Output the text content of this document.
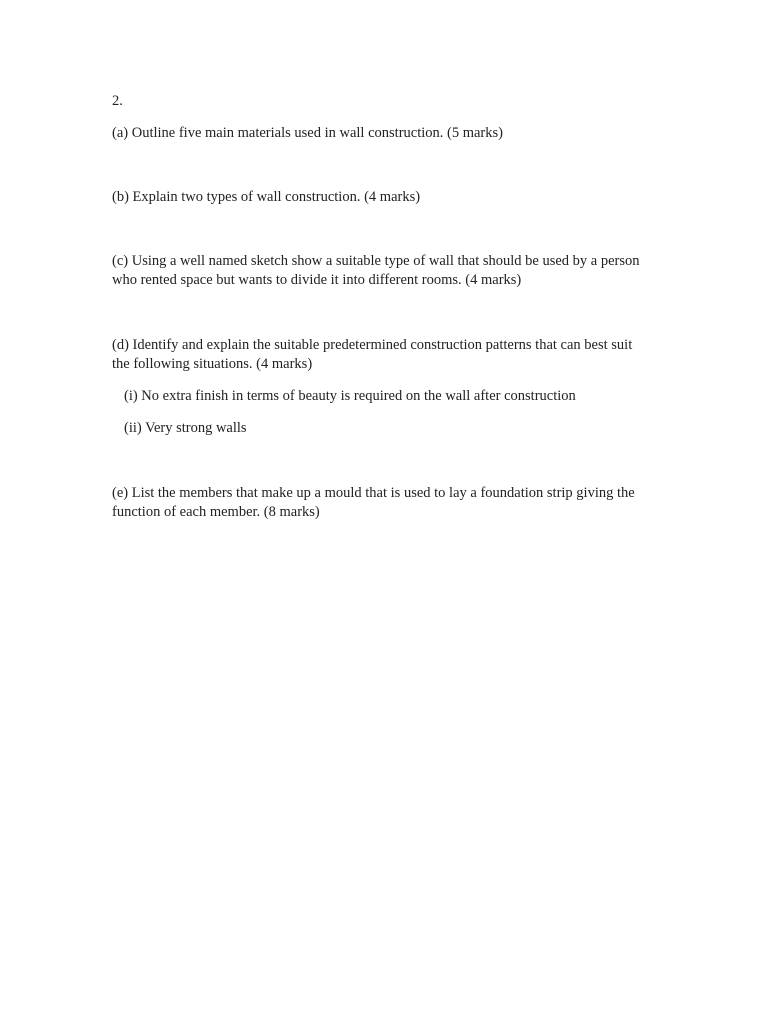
2.

(a) Outline five main materials used in wall construction. (5 marks)

(b) Explain two types of wall construction. (4 marks)

(c) Using a well named sketch show a suitable type of wall that should be used by a person

who rented space but wants to divide it into different rooms. (4 marks)

(d) Identify and explain the suitable predetermined construction patterns that can best suit

the following situations. (4 marks)

(i) No extra finish in terms of beauty is required on the wall after construction

(ii) Very strong walls

(e) List the members that make up a mould that is used to lay a foundation strip giving the

function of each member. (8 marks)
